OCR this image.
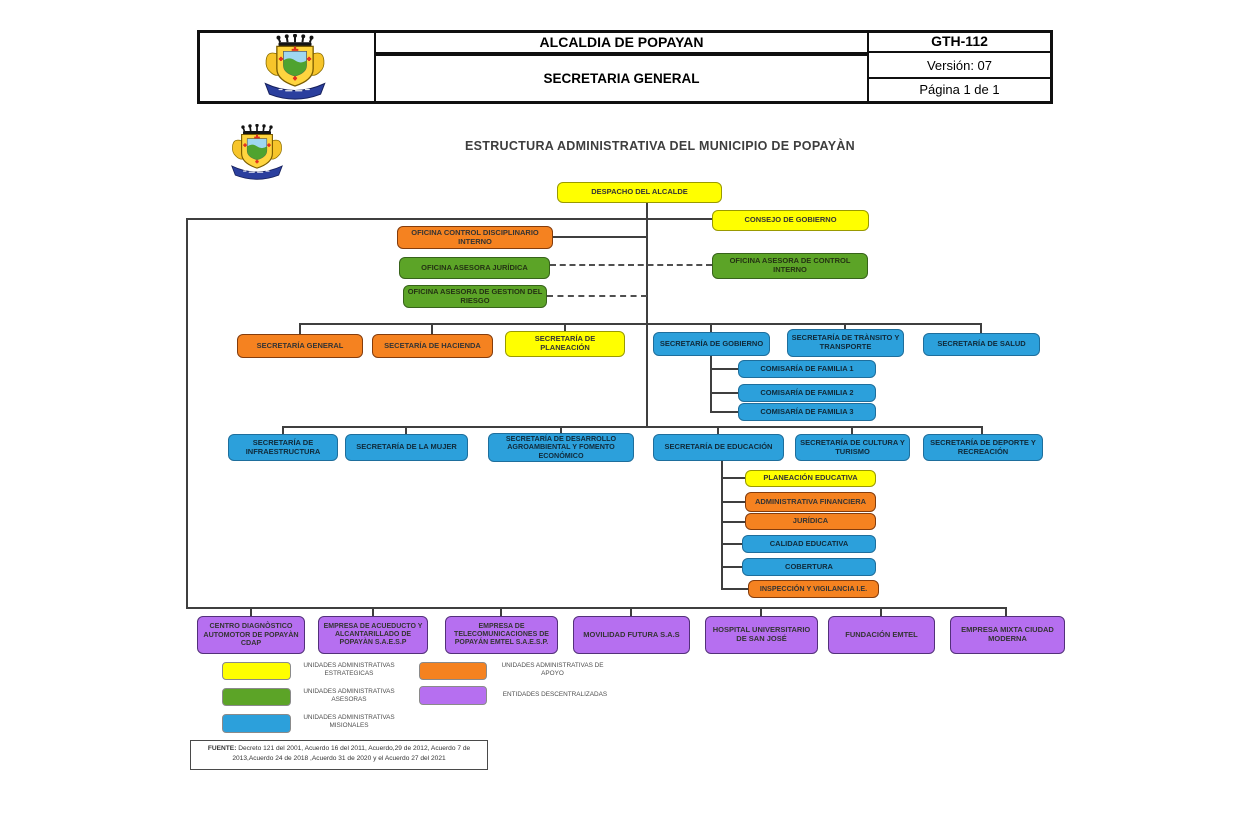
ALCALDIA DE POPAYAN
SECRETARIA GENERAL
GTH-112
Versión: 07
Página 1 de 1
ESTRUCTURA ADMINISTRATIVA DEL MUNICIPIO DE POPAYÀN
DESPACHO DEL ALCALDE
CONSEJO DE GOBIERNO
OFICINA CONTROL DISCIPLINARIO INTERNO
OFICINA ASESORA JURÍDICA
OFICINA ASESORA DE GESTION DEL RIESGO
OFICINA ASESORA DE CONTROL INTERNO
SECRETARÍA GENERAL	SECETARÍA DE HACIENDA
SECRETARÍA DE PLANEACIÓN	SECRETARÍA DE GOBIERNO
SECRETARÍA DE TRÀNSITO Y TRANSPORTE	SECRETARÍA DE SALUD
COMISARÍA DE FAMILIA 1
COMISARÍA DE FAMILIA 2
COMISARÍA DE FAMILIA 3
SECRETARÍA DE INFRAESTRUCTURA	SECRETARÍA DE LA MUJER
SECRETARÍA DE DESARROLLO AGROAMBIENTAL Y FOMENTO ECONÓMICO
SECRETARÍA DE EDUCACIÓN	SECRETARÍA DE CULTURA Y TURISMO
SECRETARÍA DE DEPORTE Y RECREACIÓN
PLANEACIÓN EDUCATIVA
ADMINISTRATIVA FINANCIERA
JURÍDICA
CALIDAD EDUCATIVA
COBERTURA
INSPECCIÓN Y VIGILANCIA I.E.
CENTRO DIAGNÒSTICO AUTOMOTOR DE POPAYÀN CDAP
EMPRESA DE ACUEDUCTO Y ALCANTARILLADO DE POPAYÀN S.A.E.S.P
EMPRESA DE TELECOMUNICACIONES DE POPAYÁN EMTEL S.A.E.S.P.
MOVILIDAD FUTURA S.A.S	HOSPITAL UNIVERSITARIO DE SAN JOSÉ	FUNDACIÓN EMTEL	EMPRESA MIXTA CIUDAD MODERNA
UNIDADES ADMINISTRATIVAS ESTRATEGICAS
UNIDADES ADMINISTRATIVAS ASESORAS
UNIDADES ADMINISTRATIVAS MISIONALES
UNIDADES ADMINISTRATIVAS DE APOYO
ENTIDADES DESCENTRALIZADAS
FUENTE: Decreto 121 del 2001, Acuerdo 16 del 2011, Acuerdo,29 de 2012, Acuerdo 7 de 2013,Acuerdo 24 de 2018 ,Acuerdo 31 de 2020 y el Acuerdo 27 del 2021
